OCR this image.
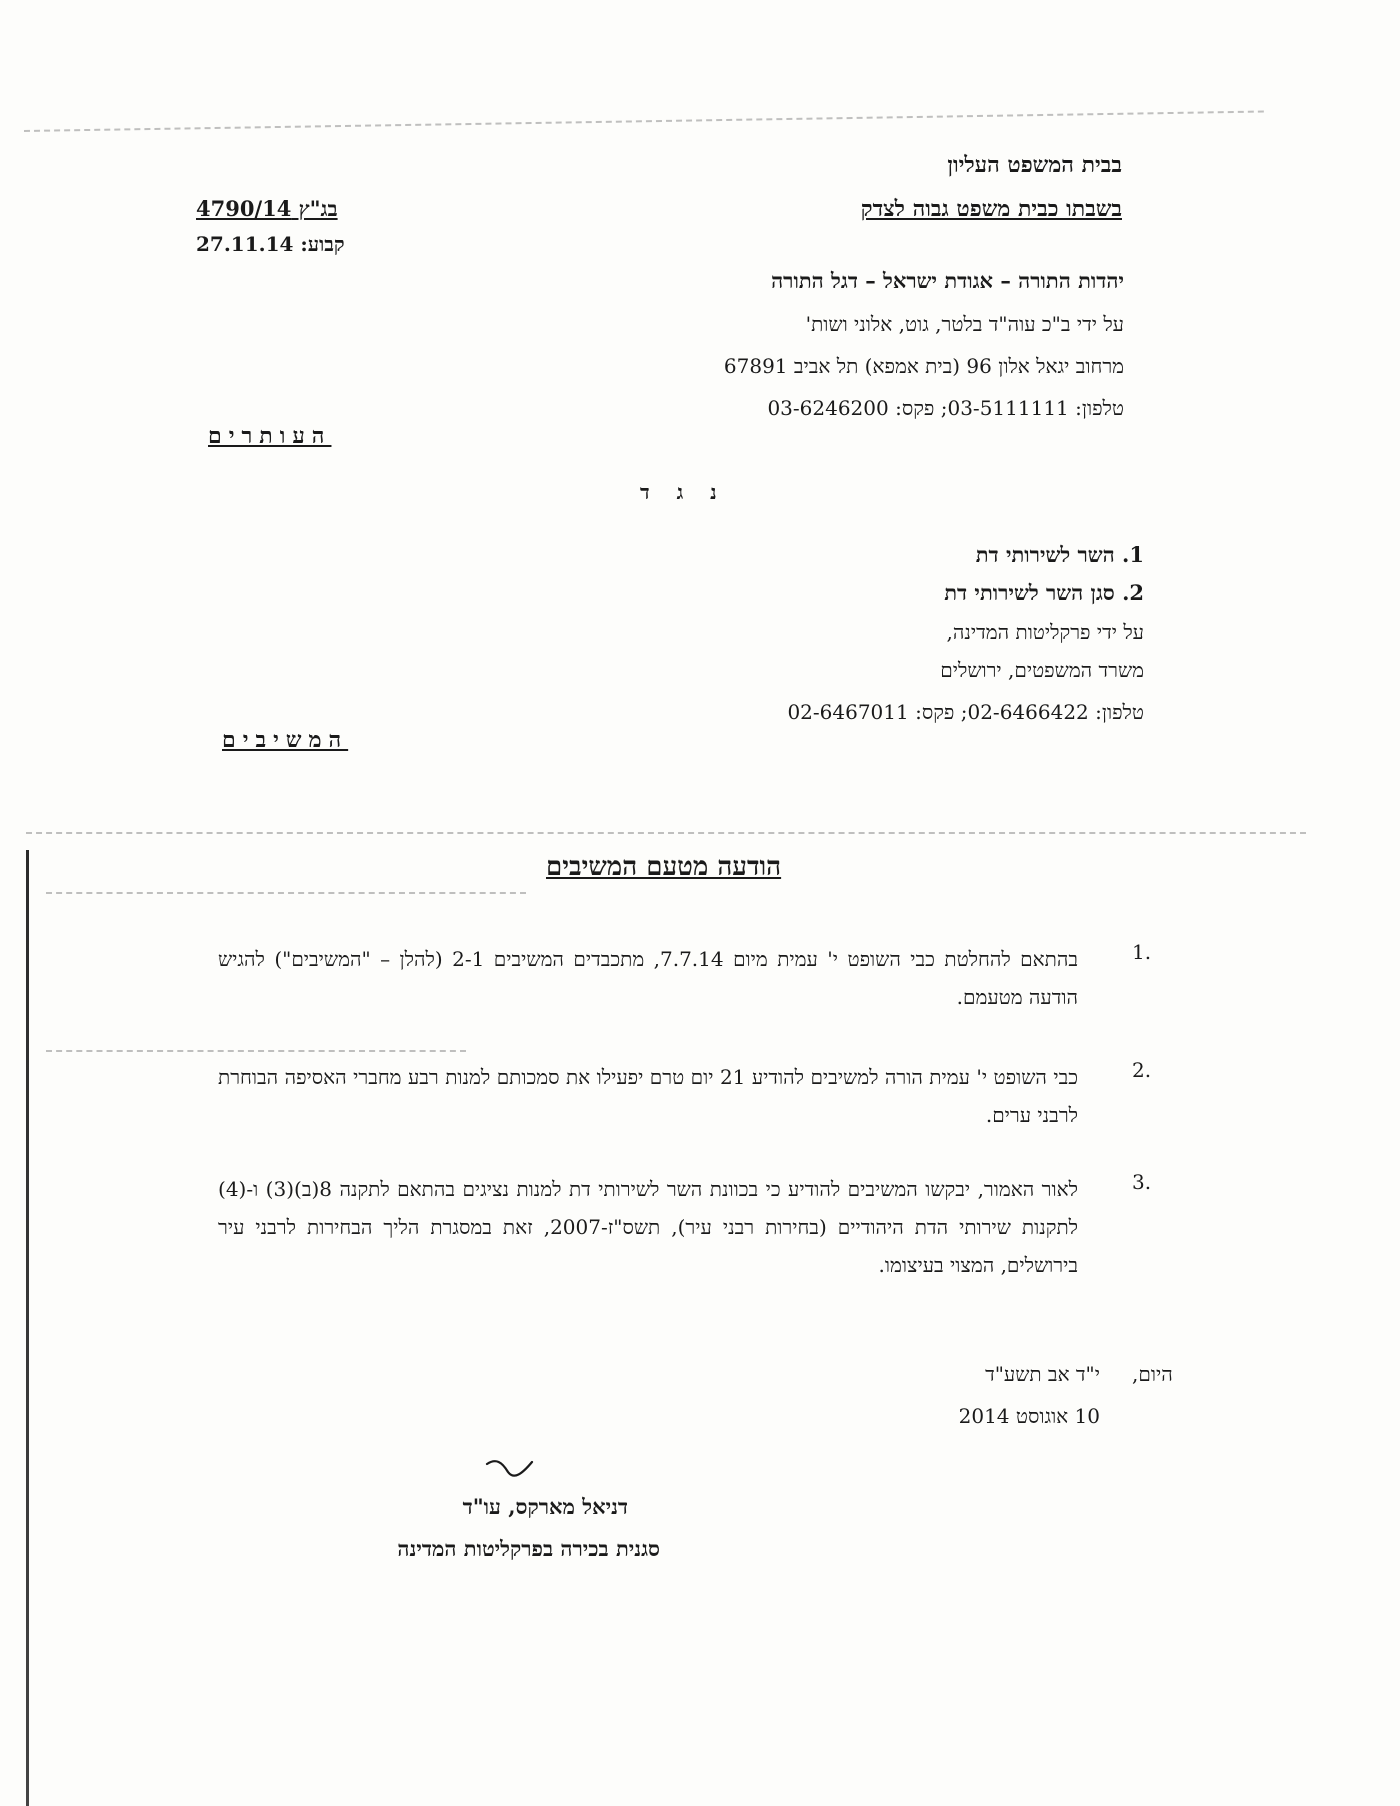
בבית המשפט העליון
בשבתו כבית משפט גבוה לצדק
בג"ץ 4790/14
קבוע: 27.11.14
יהדות התורה – אגודת ישראל – דגל התורה
על ידי ב"כ עוה"ד בלטר, גוט, אלוני ושות'
מרחוב יגאל אלון 96 (בית אמפא) תל אביב 67891
טלפון: 03-5111111; פקס: 03-6246200
העותרים
נ ג ד
1. השר לשירותי דת
2. סגן השר לשירותי דת
על ידי פרקליטות המדינה,
משרד המשפטים, ירושלים
טלפון: 02-6466422; פקס: 02-6467011
המשיבים
הודעה מטעם המשיבים
1.
בהתאם להחלטת כבי השופט י' עמית מיום 7.7.14, מתכבדים המשיבים 2-1 (להלן – "המשיבים") להגיש הודעה מטעמם.
2.
כבי השופט י' עמית הורה למשיבים להודיע 21 יום טרם יפעילו את סמכותם למנות רבע מחברי האסיפה הבוחרת לרבני ערים.
3.
לאור האמור, יבקשו המשיבים להודיע כי בכוונת השר לשירותי דת למנות נציגים בהתאם לתקנה 8(ב)(3) ו-(4) לתקנות שירותי הדת היהודיים (בחירות רבני עיר), תשס"ז-2007, זאת במסגרת הליך הבחירות לרבני עיר בירושלים, המצוי בעיצומו.
היום,
י"ד אב תשע"ד
10 אוגוסט 2014
דניאל מארקס, עו"ד
סגנית בכירה בפרקליטות המדינה
